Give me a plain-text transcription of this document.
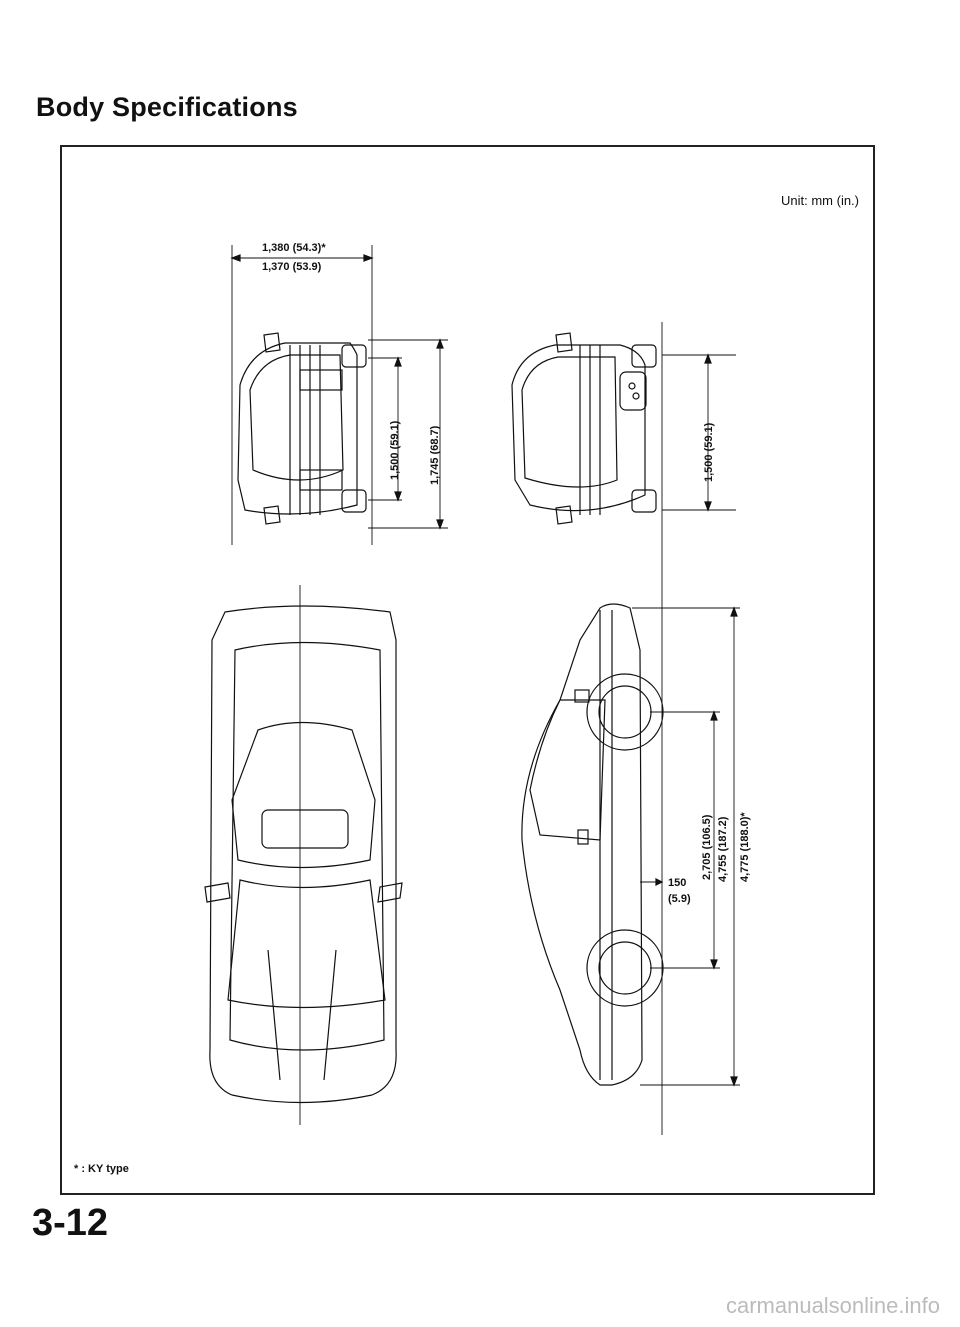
Body Specifications
Unit: mm (in.)
* : KY type
1,380 (54.3)*
1,370 (53.9)
1,500 (59.1)	1,745 (68.7)	1,500 (59.1)
150
(5.9)
2,705 (106.5) 4,755 (187.2) 4,775 (188.0)*
3-12
carmanualsonline.info
